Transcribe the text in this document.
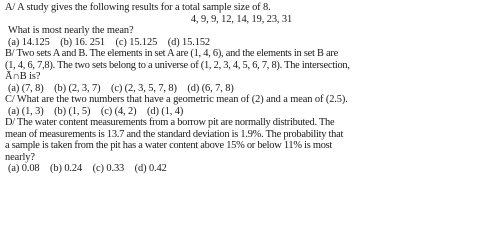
A/ A study gives the following results for a total sample size of 8.
4, 9, 9, 12, 14, 19, 23, 31
What is most nearly the mean?
(a) 14.125 (b) 16. 251 (c) 15.125 (d) 15.152
B/ Two sets A and B. The elements in set A are (1, 4, 6), and the elements in set B are
(1, 4, 6, 7,8). The two sets belong to a universe of (1, 2, 3, 4, 5, 6, 7, 8). The intersection,
Ā∩B is?
(a) (7, 8) (b) (2, 3, 7) (c) (2, 3, 5, 7, 8) (d) (6, 7, 8)
C/ What are the two numbers that have a geometric mean of (2) and a mean of (2.5).
(a) (1, 3) (b) (1, 5) (c) (4, 2) (d) (1, 4)
D/ The water content measurements from a borrow pit are normally distributed. The
mean of measurements is 13.7 and the standard deviation is 1.9%. The probability that
a sample is taken from the pit has a water content above 15% or below 11% is most
nearly?
(a) 0.08 (b) 0.24 (c) 0.33 (d) 0.42
